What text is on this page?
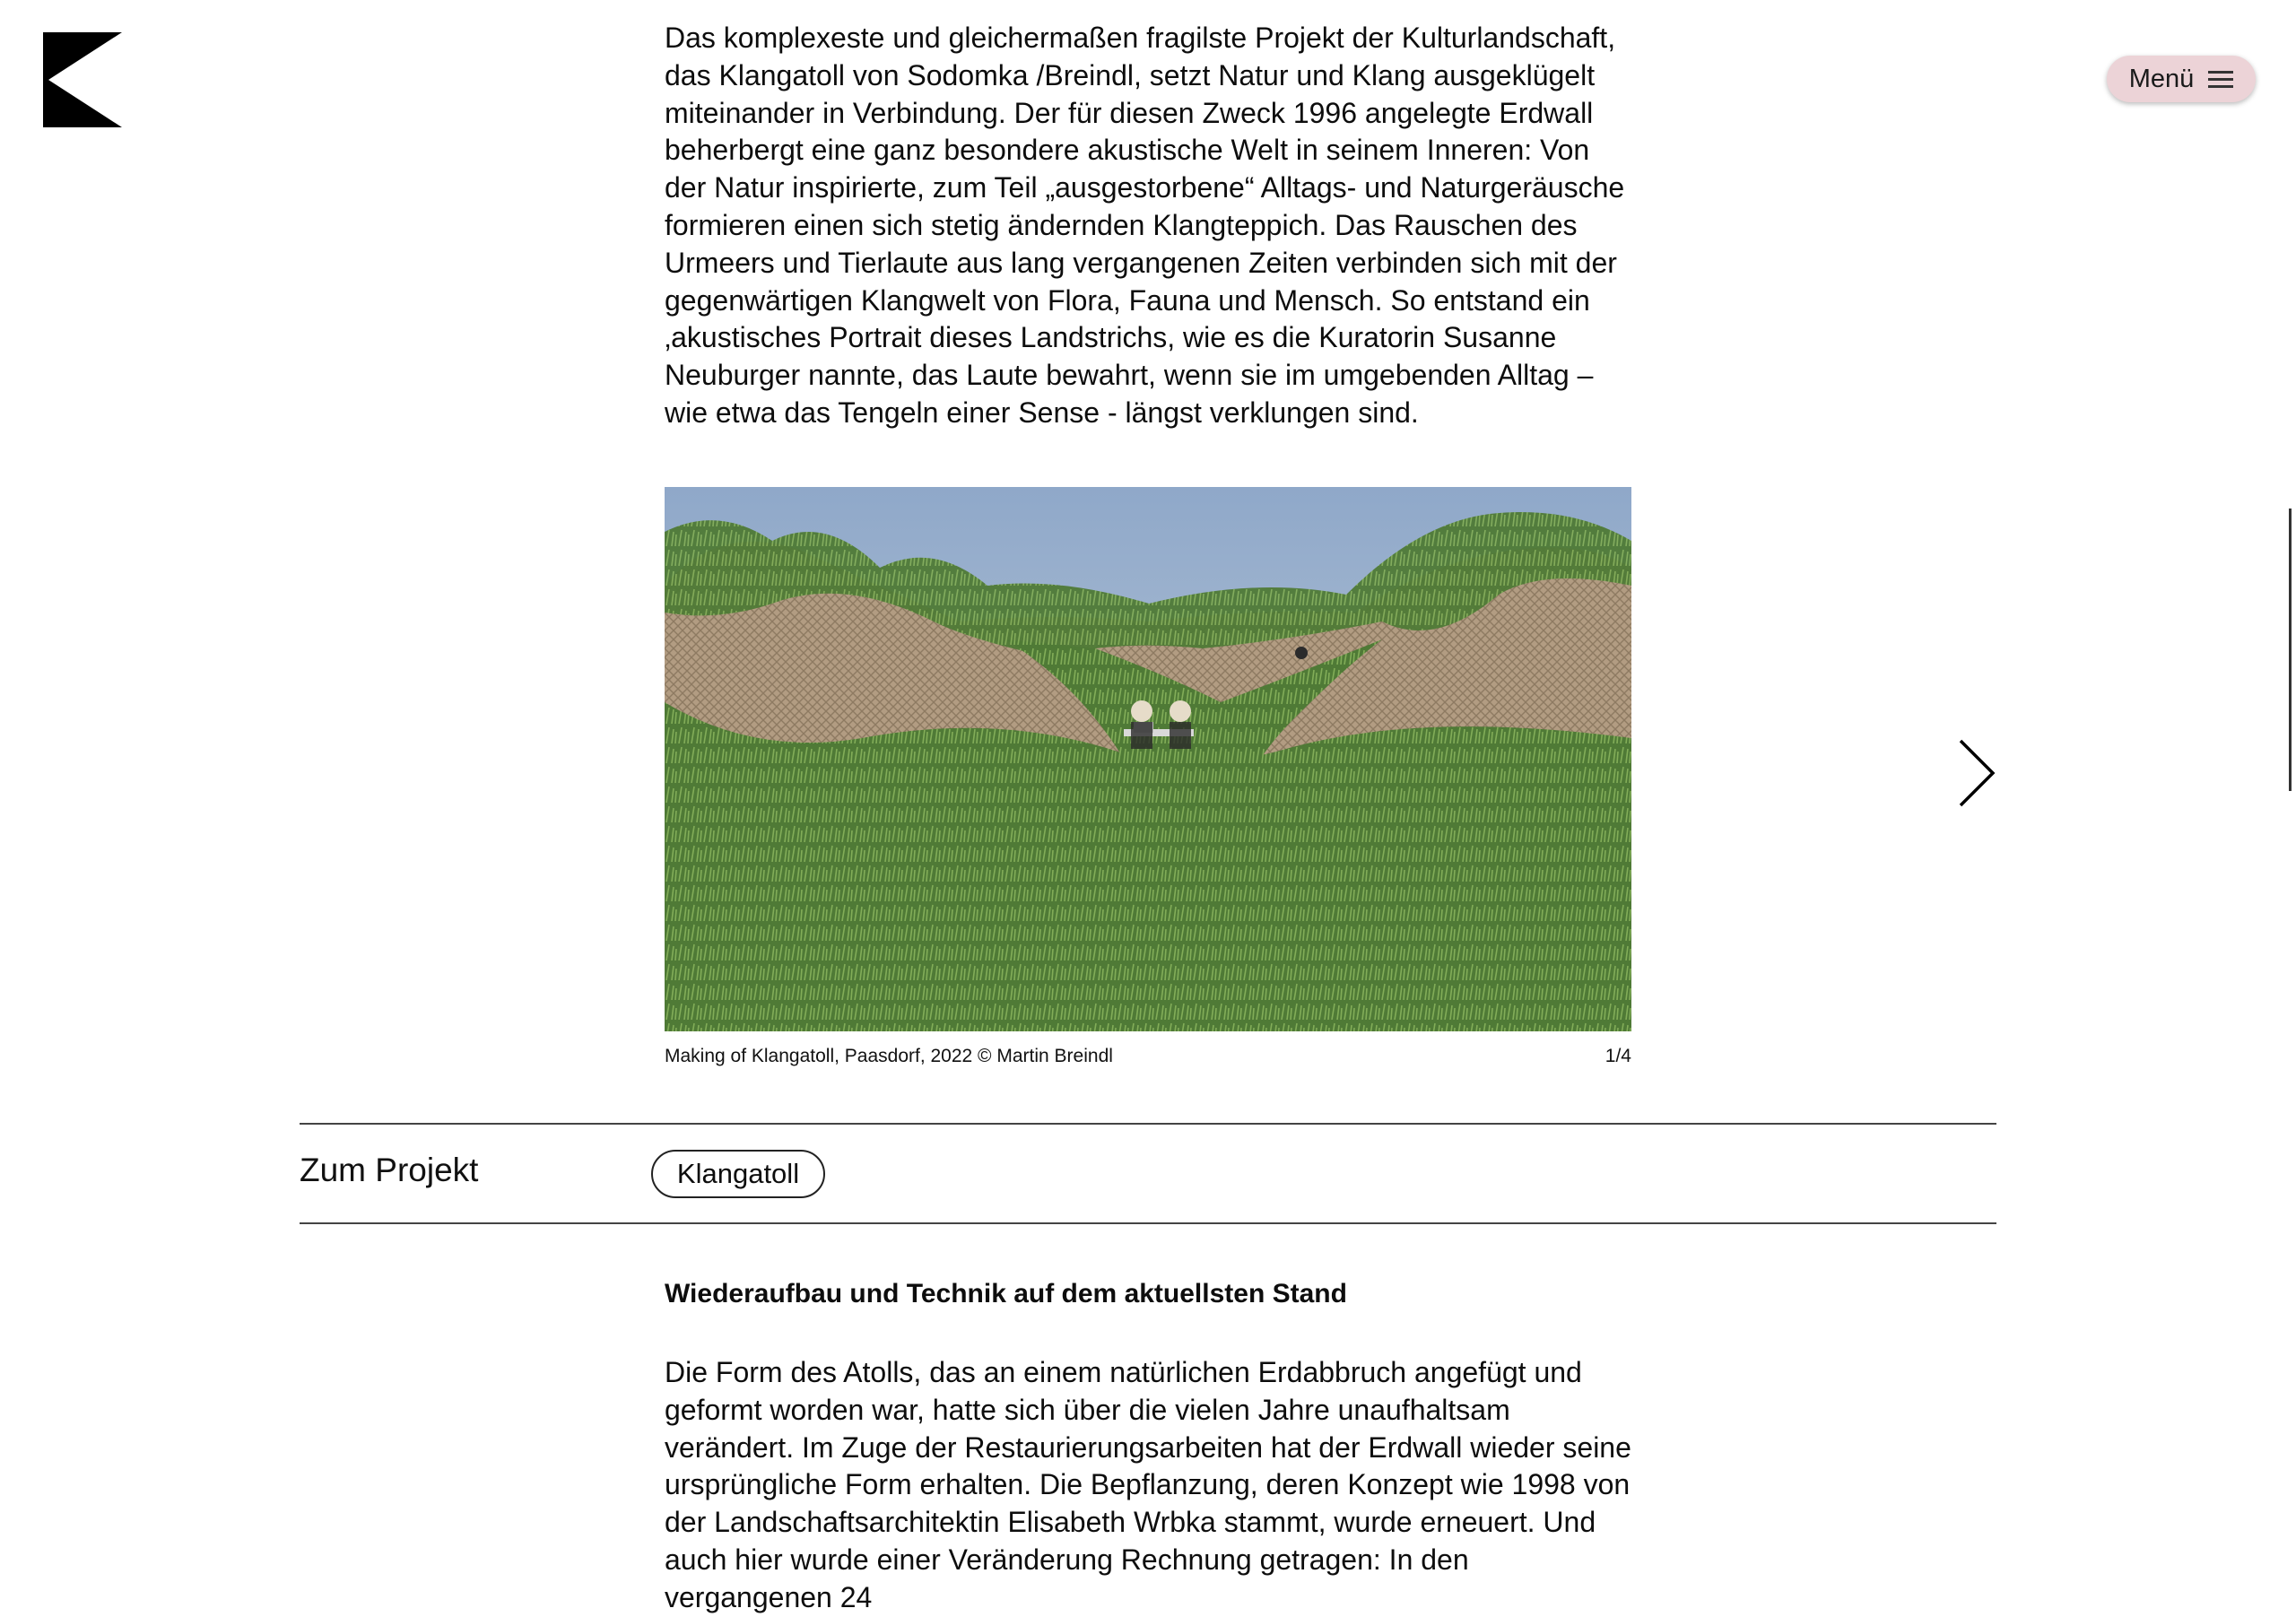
Menü

Das komplexeste und gleichermaßen fragilste Projekt der Kulturlandschaft, das Klangatoll von Sodomka /Breindl, setzt Natur und Klang ausgeklügelt miteinander in Verbindung. Der für diesen Zweck 1996 angelegte Erdwall beherbergt eine ganz besondere akustische Welt in seinem Inneren: Von der Natur inspirierte, zum Teil „ausgestorbene“ Alltags- und Naturgeräusche formieren einen sich stetig ändernden Klangteppich. Das Rauschen des Urmeers und Tierlaute aus lang vergangenen Zeiten verbinden sich mit der gegenwärtigen Klangwelt von Flora, Fauna und Mensch. So entstand ein ‚akustisches Portrait dieses Landstrichs, wie es die Kuratorin Susanne Neuburger nannte, das Laute bewahrt, wenn sie im umgebenden Alltag – wie etwa das Tengeln einer Sense - längst verklungen sind.

Making of Klangatoll, Paasdorf, 2022 © Martin Breindl	1/4
Zum Projekt	Klangatoll
Wiederaufbau und Technik auf dem aktuellsten Stand

Die Form des Atolls, das an einem natürlichen Erdabbruch angefügt und geformt worden war, hatte sich über die vielen Jahre unaufhaltsam verändert. Im Zuge der Restaurierungsarbeiten hat der Erdwall wieder seine ursprüngliche Form erhalten. Die Bepflanzung, deren Konzept wie 1998 von der Landschaftsarchitektin Elisabeth Wrbka stammt, wurde erneuert. Und auch hier wurde einer Veränderung Rechnung getragen: In den vergangenen 24
